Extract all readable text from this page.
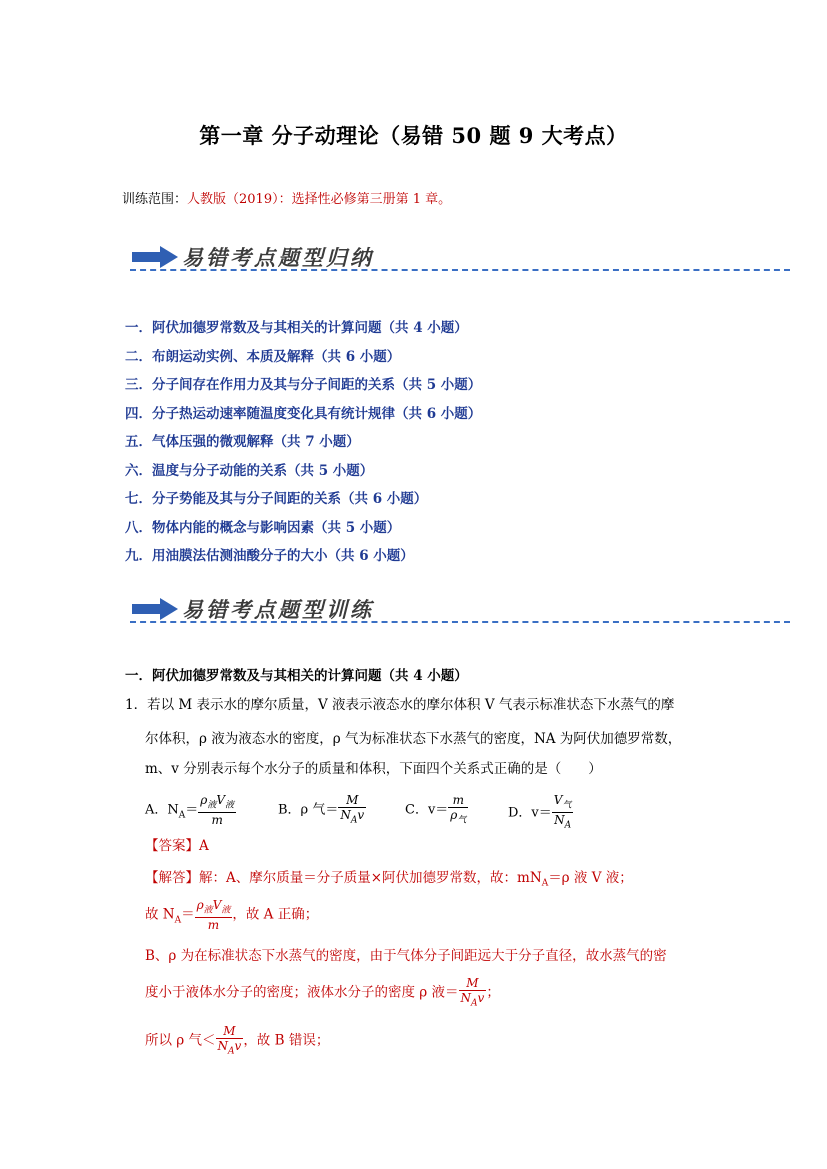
第一章 分子动理论（易错 50 题 9 大考点）
训练范围：人教版（2019）：选择性必修第三册第 1 章。
易错考点题型归纳
一．阿伏加德罗常数及与其相关的计算问题（共 4 小题）
二．布朗运动实例、本质及解释（共 6 小题）
三．分子间存在作用力及其与分子间距的关系（共 5 小题）
四．分子热运动速率随温度变化具有统计规律（共 6 小题）
五．气体压强的微观解释（共 7 小题）
六．温度与分子动能的关系（共 5 小题）
七．分子势能及其与分子间距的关系（共 6 小题）
八．物体内能的概念与影响因素（共 5 小题）
九．用油膜法估测油酸分子的大小（共 6 小题）
易错考点题型训练
一．阿伏加德罗常数及与其相关的计算问题（共 4 小题）
1．若以 M 表示水的摩尔质量，V 液表示液态水的摩尔体积 V 气表示标准状态下水蒸气的摩
尔体积，ρ 液为液态水的密度，ρ 气为标准状态下水蒸气的密度，NA 为阿伏加德罗常数，
m、v 分别表示每个水分子的质量和体积，下面四个关系式正确的是（　　）
A．$N_A= \frac{\rho_液V_液}{m}$	B．ρ 气＝ $\frac{M}{N_Av}$	C．$v= \frac{m}{\rho_气}$	D．$v= \frac{V_气}{N_A}$
【答案】A
【解答】解：A、摩尔质量＝分子质量×阿伏加德罗常数，故：$mN_A=\rho$ 液 V 液；
故 $N_A= \frac{\rho_液V_液}{m}$ ，故 A 正确；
B、ρ 为在标准状态下水蒸气的密度，由于气体分子间距远大于分子直径，故水蒸气的密
度小于液体水分子的密度；液体水分子的密度 ρ 液＝ $\frac{M}{N_Av}$ ；
所以 ρ 气＜ $\frac{M}{N_Av}$ ，故 B 错误；
